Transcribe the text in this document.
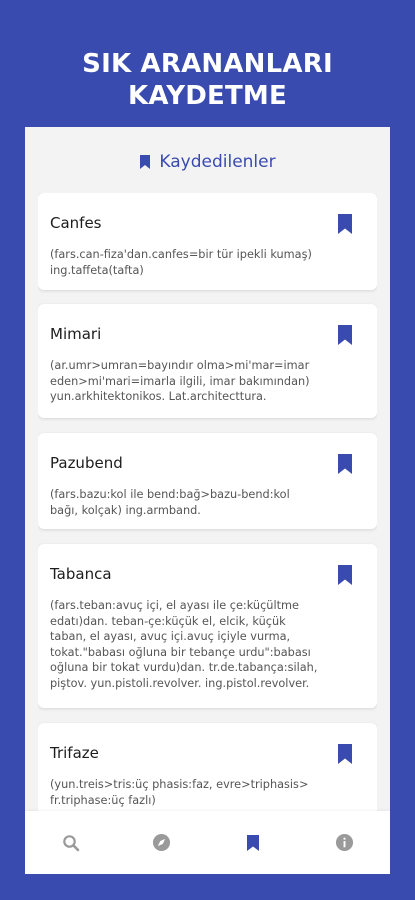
SIK ARANANLARI
KAYDETME
Kaydedilenler
Canfes
(fars.can-fiza'dan.canfes=bir tür ipekli kumaş)
ing.taffeta(tafta)
Mimari
(ar.umr>umran=bayındır olma>mi'mar=imar
eden>mi'mari=imarla ilgili, imar bakımından)
yun.arkhitektonikos. Lat.architecttura.
Pazubend
(fars.bazu:kol ile bend:bağ>bazu-bend:kol
bağı, kolçak) ing.armband.
Tabanca
(fars.teban:avuç içi, el ayası ile çe:küçültme
edatı)dan. teban-çe:küçük el, elcik, küçük
taban, el ayası, avuç içi.avuç içiyle vurma,
tokat."babası oğluna bir tebançe urdu":babası
oğluna bir tokat vurdu)dan. tr.de.tabança:silah,
piştov. yun.pistoli.revolver. ing.pistol.revolver.
Trifaze
(yun.treis>tris:üç phasis:faz, evre>triphasis>
fr.triphase:üç fazlı)
